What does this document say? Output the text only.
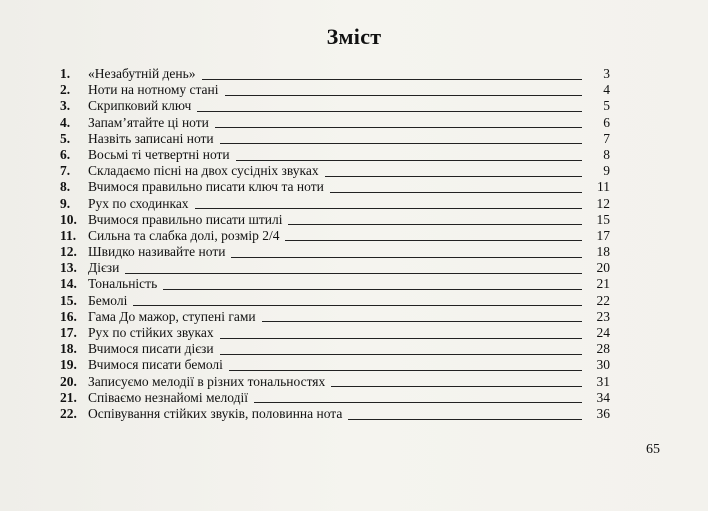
Зміст
1.	«Незабутній день»	3
2.	Ноти на нотному стані	4
3.	Скрипковий ключ	5
4.	Запам’ятайте ці ноти	6
5.	Назвіть записані ноти	7
6.	Восьмі ті четвертні ноти	8
7.	Складаємо пісні на двох сусідніх звуках	9
8.	Вчимося правильно писати ключ та ноти	11
9.	Рух по сходинках	12
10. Вчимося правильно писати штилі	15
11. Сильна та слабка долі, розмір 2/4	17
12. Швидко називайте ноти	18
13. Дієзи	20
14. Тональність	21
15. Бемолі	22
16. Гама До мажор, ступені гами	23
17. Рух по стійких звуках	24
18. Вчимося писати дієзи	28
19. Вчимося писати бемолі	30
20. Записуємо мелодії в різних тональностях	31
21. Співаємо незнайомі мелодії	34
22. Оспівування стійких звуків, половинна нота	36
65
